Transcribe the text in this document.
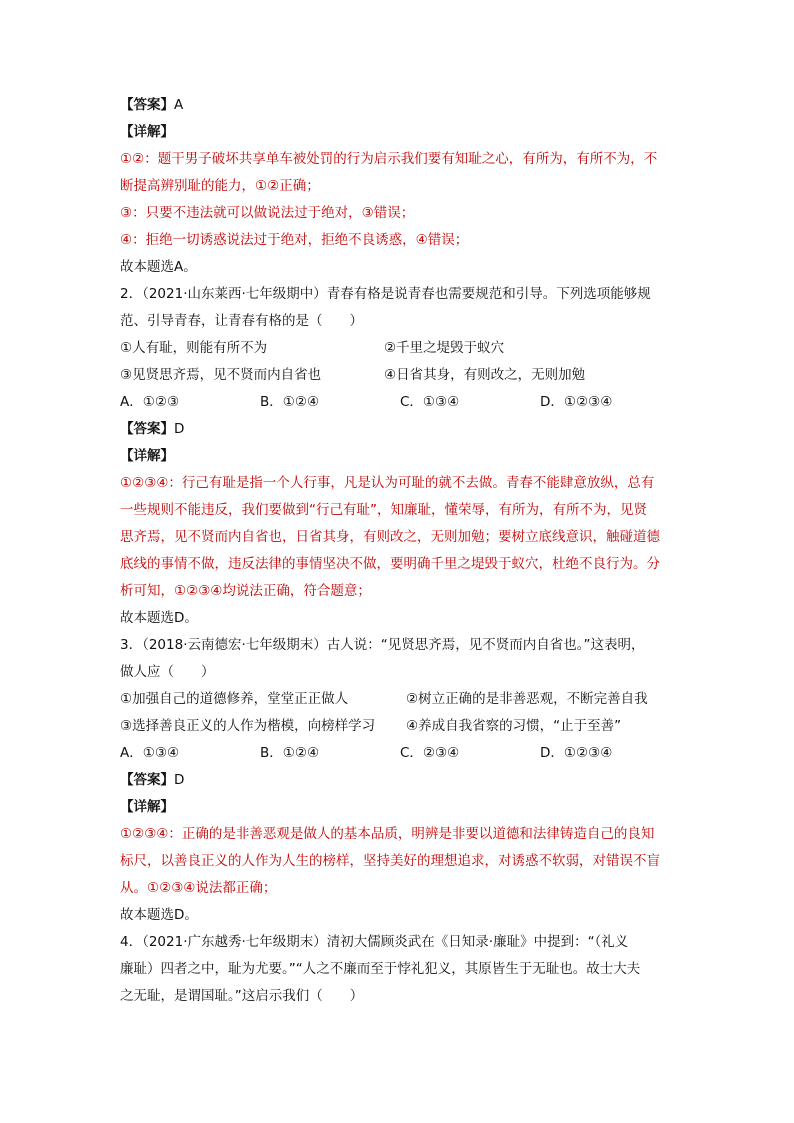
【答案】A
【详解】
①②：题干男子破坏共享单车被处罚的行为启示我们要有知耻之心，有所为，有所不为，不
断提高辨别耻的能力，①②正确；
③：只要不违法就可以做说法过于绝对，③错误；
④：拒绝一切诱惑说法过于绝对，拒绝不良诱惑，④错误；
故本题选A。
2．（2021·山东莱西·七年级期中）青春有格是说青春也需要规范和引导。下列选项能够规
范、引导青春，让青春有格的是（　　）
①人有耻，则能有所不为	②千里之堤毁于蚁穴
③见贤思齐焉，见不贤而内自省也	④日省其身，有则改之，无则加勉
A．①②③	B．①②④	C．①③④	D．①②③④
【答案】D
【详解】
①②③④：行己有耻是指一个人行事，凡是认为可耻的就不去做。青春不能肆意放纵，总有
一些规则不能违反，我们要做到“行己有耻”，知廉耻，懂荣辱，有所为，有所不为，见贤
思齐焉，见不贤而内自省也，日省其身，有则改之，无则加勉；要树立底线意识，触碰道德
底线的事情不做，违反法律的事情坚决不做，要明确千里之堤毁于蚁穴，杜绝不良行为。分
析可知，①②③④均说法正确，符合题意；
故本题选D。
3．（2018·云南德宏·七年级期末）古人说：“见贤思齐焉，见不贤而内自省也。”这表明，
做人应（　　）
①加强自己的道德修养，堂堂正正做人	②树立正确的是非善恶观，不断完善自我
③选择善良正义的人作为楷模，向榜样学习	④养成自我省察的习惯，“止于至善”
A．①③④	B．①②④	C．②③④	D．①②③④
【答案】D
【详解】
①②③④：正确的是非善恶观是做人的基本品质，明辨是非要以道德和法律铸造自己的良知
标尺，以善良正义的人作为人生的榜样，坚持美好的理想追求，对诱惑不软弱，对错误不盲
从。①②③④说法都正确；
故本题选D。
4．（2021·广东越秀·七年级期末）清初大儒顾炎武在《日知录·廉耻》中提到：“（礼义
廉耻）四者之中，耻为尤要。”“人之不廉而至于悖礼犯义，其原皆生于无耻也。故士大夫
之无耻，是谓国耻。”这启示我们（　　）
